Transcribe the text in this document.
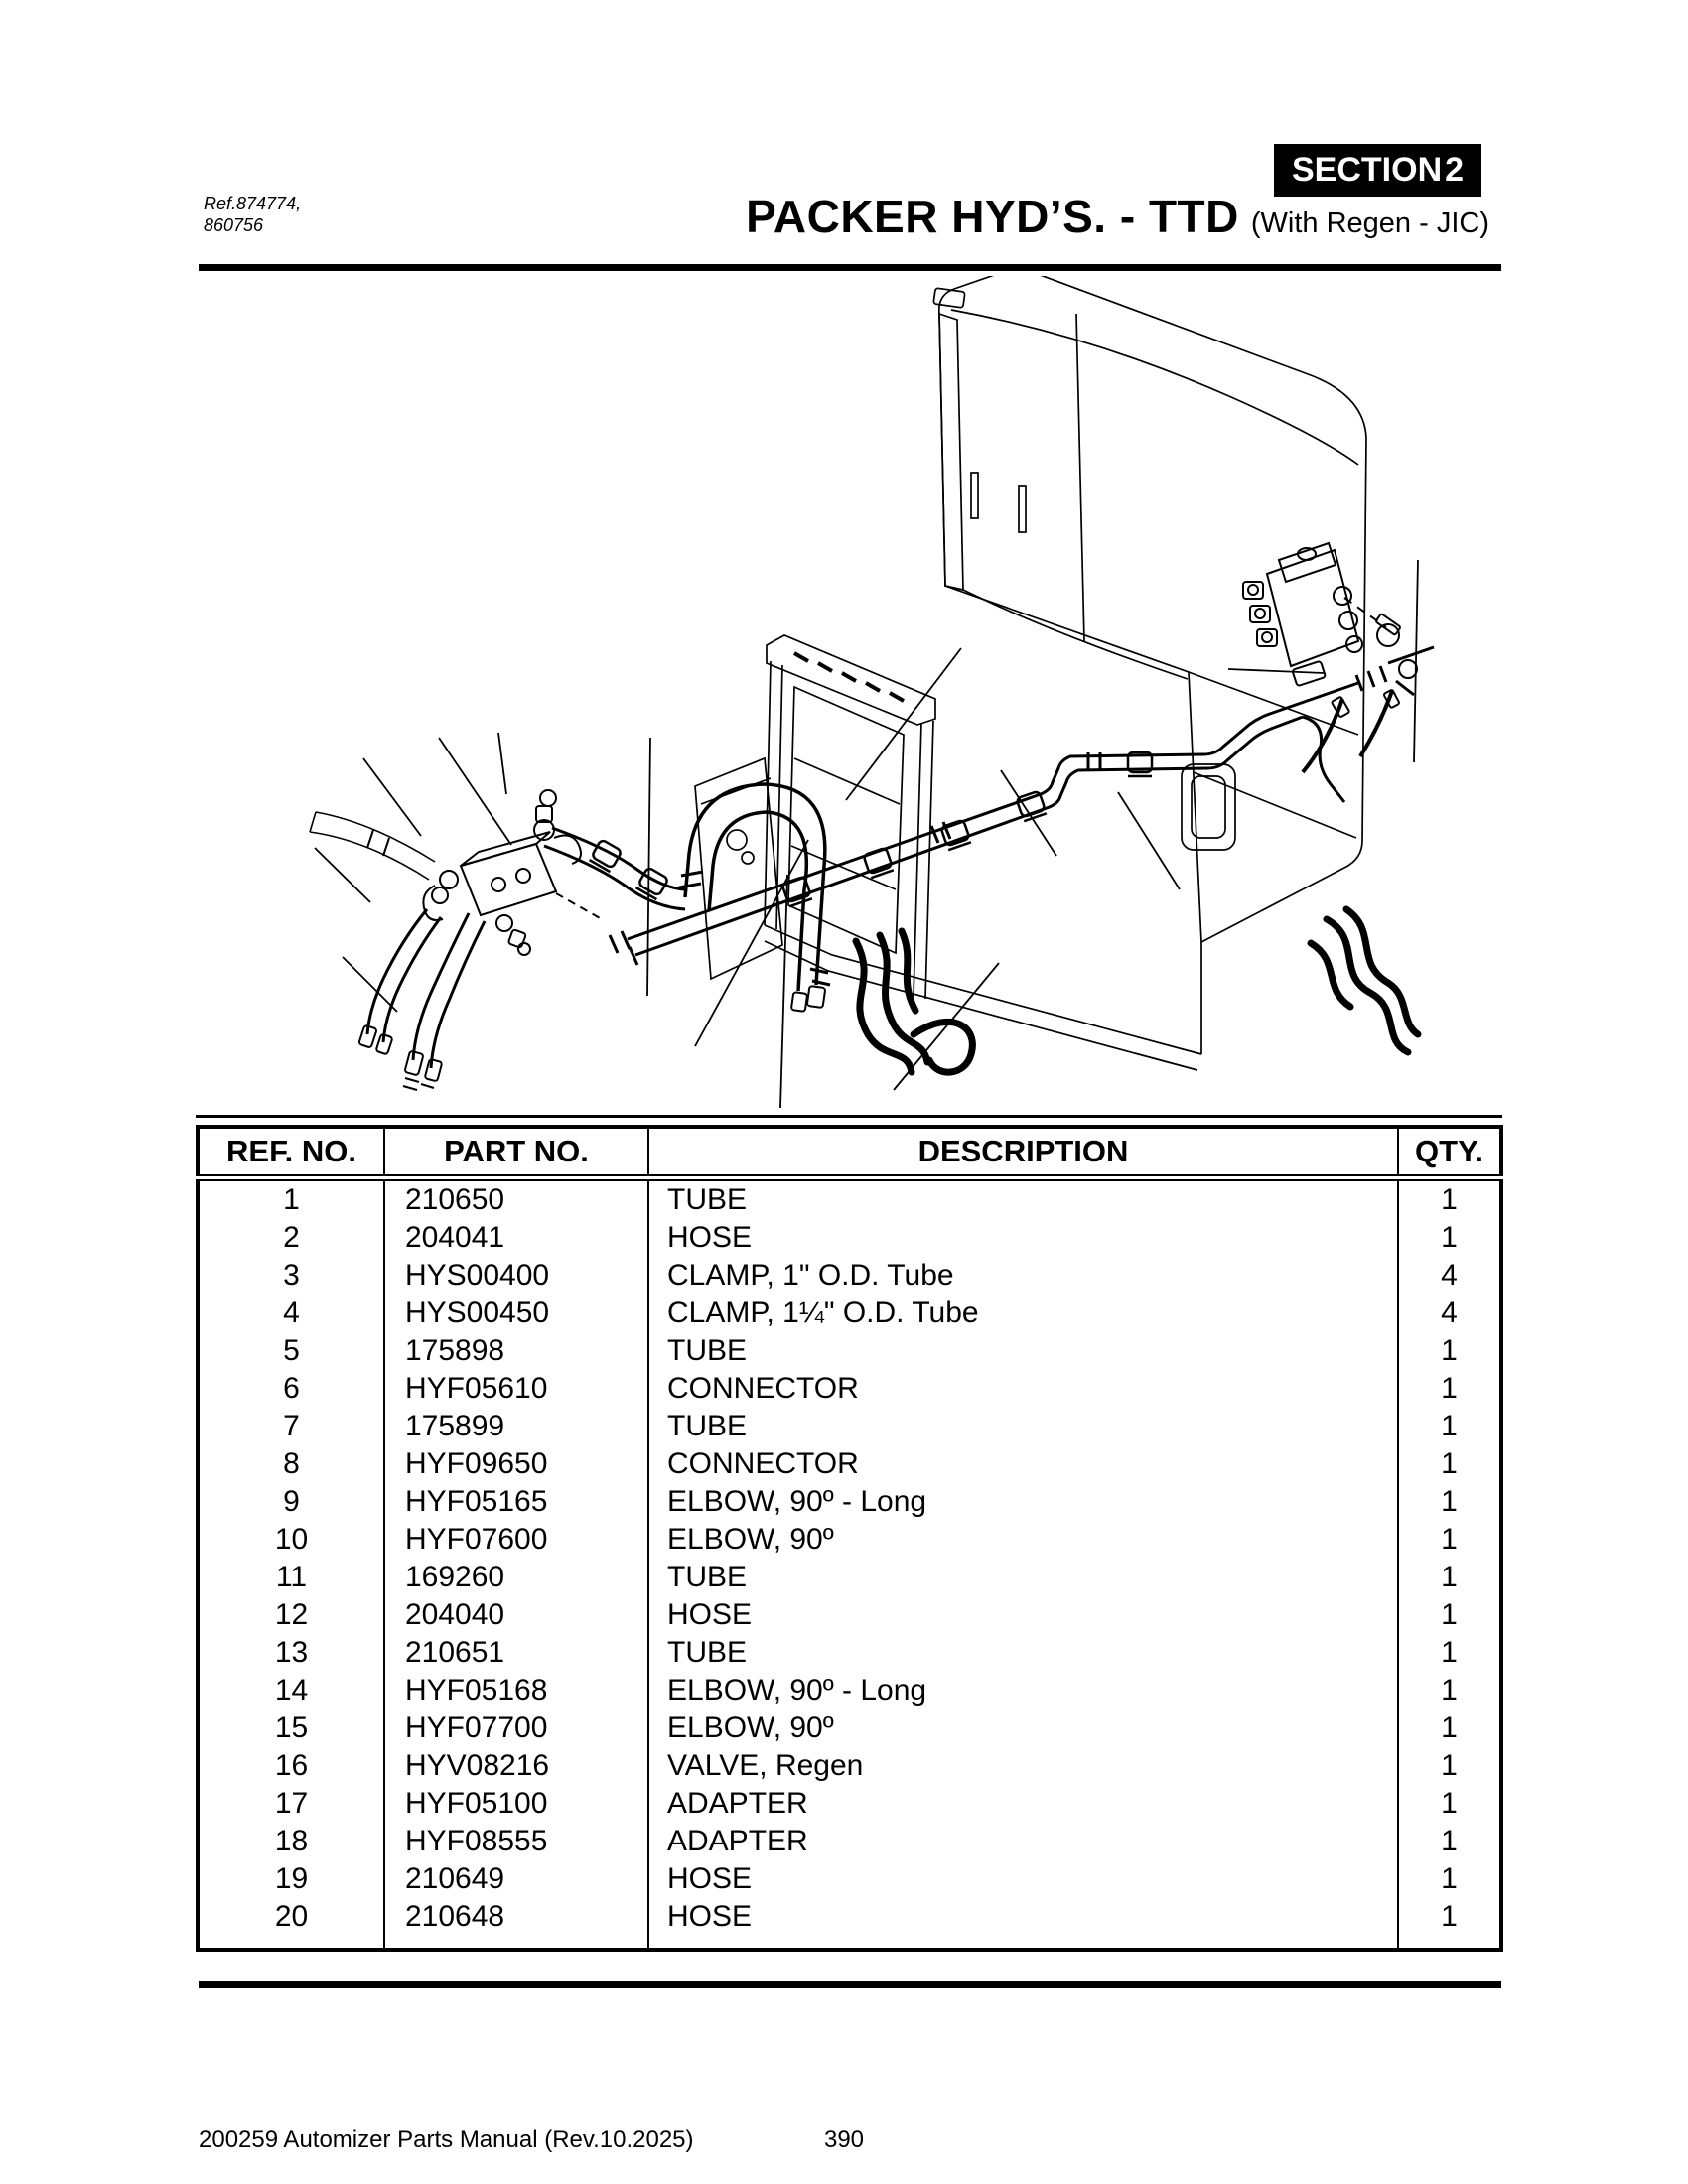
Ref.874774,
860756
SECTION 2
PACKER HYD’S. - TTD (With Regen - JIC)
REF. NO.	PART NO.	DESCRIPTION	QTY.
1	210650	TUBE	1
2	204041	HOSE	1
3	HYS00400	CLAMP, 1" O.D. Tube	4
4	HYS00450	CLAMP, 1¼" O.D. Tube	4
5	175898	TUBE	1
6	HYF05610	CONNECTOR	1
7	175899	TUBE	1
8	HYF09650	CONNECTOR	1
9	HYF05165	ELBOW, 90º - Long	1
10	HYF07600	ELBOW, 90º	1
11	169260	TUBE	1
12	204040	HOSE	1
13	210651	TUBE	1
14	HYF05168	ELBOW, 90º - Long	1
15	HYF07700	ELBOW, 90º	1
16	HYV08216	VALVE, Regen	1
17	HYF05100	ADAPTER	1
18	HYF08555	ADAPTER	1
19	210649	HOSE	1
20	210648	HOSE	1
200259 Automizer Parts Manual (Rev.10.2025)	390
